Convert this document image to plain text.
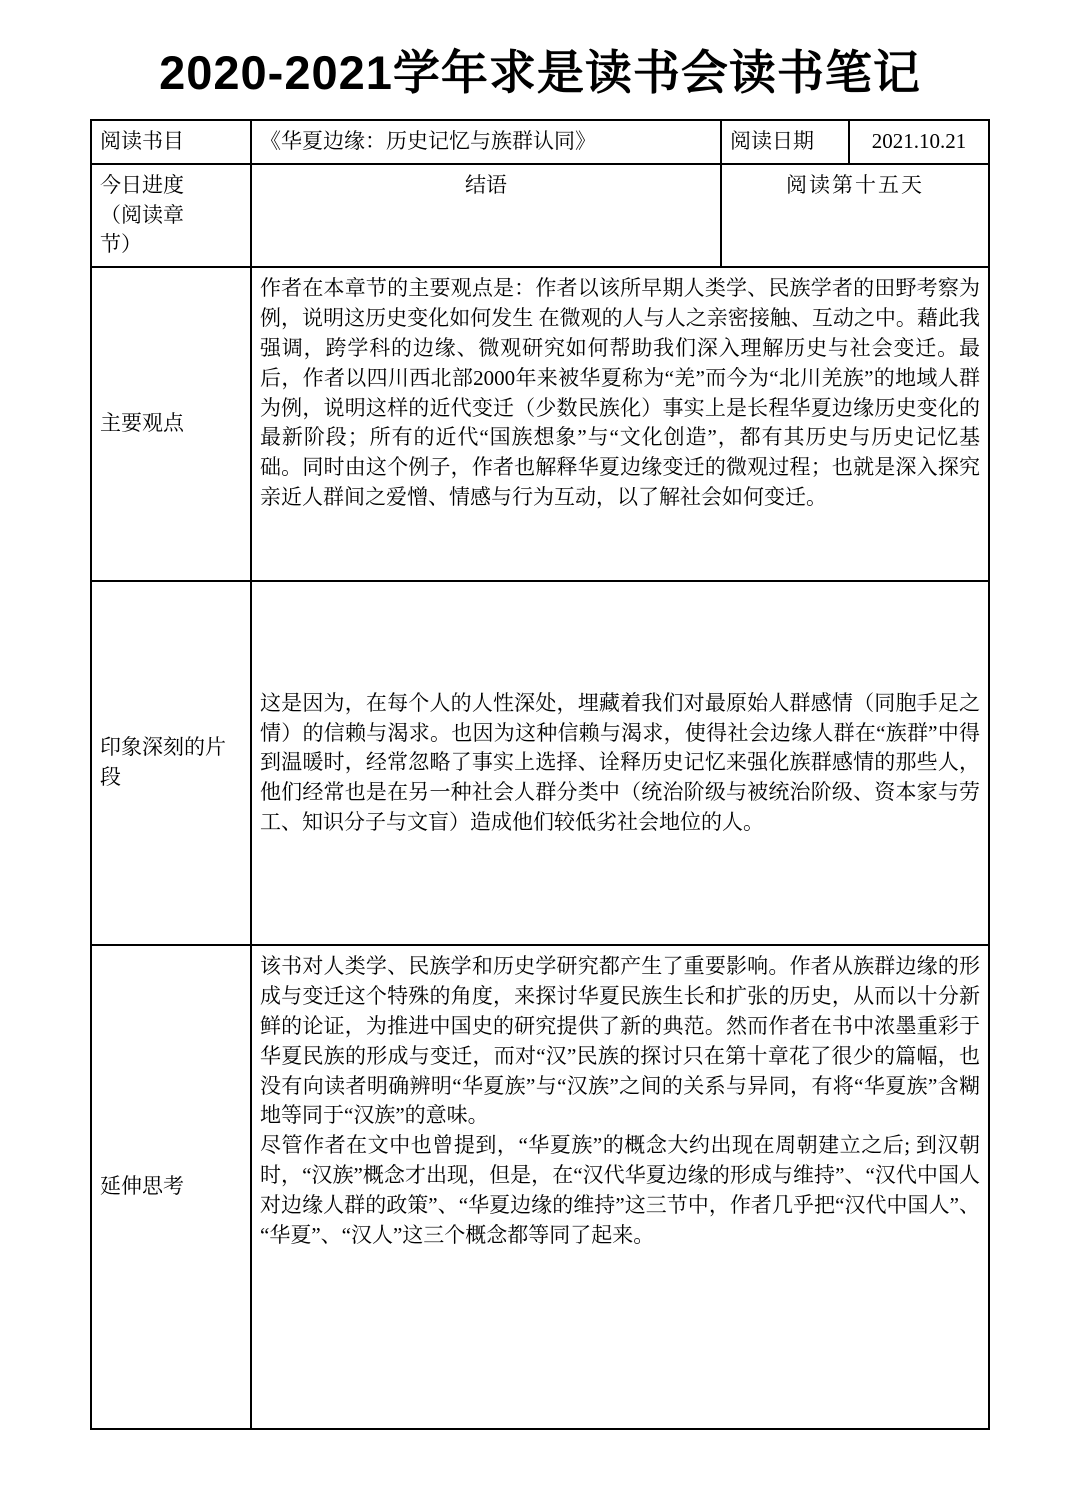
2020-2021学年求是读书会读书笔记
阅读书目	《华夏边缘：历史记忆与族群认同》	阅读日期	2021.10.21

今日进度
（阅读章
节）	结语	阅读第十五天	
主要观点	作者在本章节的主要观点是：作者以该所早期人类学、民族学者的田野考察为例，说明这历史变化如何发生 在微观的人与人之亲密接触、互动之中。藉此我强调，跨学科的边缘、微观研究如何帮助我们深入理解历史与社会变迁。最后，作者以四川西北部2000年来被华夏称为“羌”而今为“北川羌族”的地域人群为例，说明这样的近代变迁（少数民族化）事实上是长程华夏边缘历史变化的最新阶段；所有的近代“国族想象”与“文化创造”，都有其历史与历史记忆基础。同时由这个例子，作者也解释华夏边缘变迁的微观过程；也就是深入探究亲近人群间之爱憎、情感与行为互动，以了解社会如何变迁。		
印象深刻的片段	这是因为，在每个人的人性深处，埋藏着我们对最原始人群感情（同胞手足之情）的信赖与渴求。也因为这种信赖与渴求，使得社会边缘人群在“族群”中得到温暖时，经常忽略了事实上选择、诠释历史记忆来强化族群感情的那些人，他们经常也是在另一种社会人群分类中（统治阶级与被统治阶级、资本家与劳工、知识分子与文盲）造成他们较低劣社会地位的人。		

延伸思考	该书对人类学、民族学和历史学研究都产生了重要影响。作者从族群边缘的形成与变迁这个特殊的角度，来探讨华夏民族生长和扩张的历史，从而以十分新鲜的论证，为推进中国史的研究提供了新的典范。然而作者在书中浓墨重彩于华夏民族的形成与变迁，而对“汉”民族的探讨只在第十章花了很少的篇幅，也没有向读者明确辨明“华夏族”与“汉族”之间的关系与异同，有将“华夏族”含糊地等同于“汉族”的意味。

尽管作者在文中也曾提到，“华夏族”的概念大约出现在周朝建立之后; 到汉朝时，“汉族”概念才出现，但是，在“汉代华夏边缘的形成与维持”、“汉代中国人对边缘人群的政策”、“华夏边缘的维持”这三节中，作者几乎把“汉代中国人”、“华夏”、“汉人”这三个概念都等同了起来。		
